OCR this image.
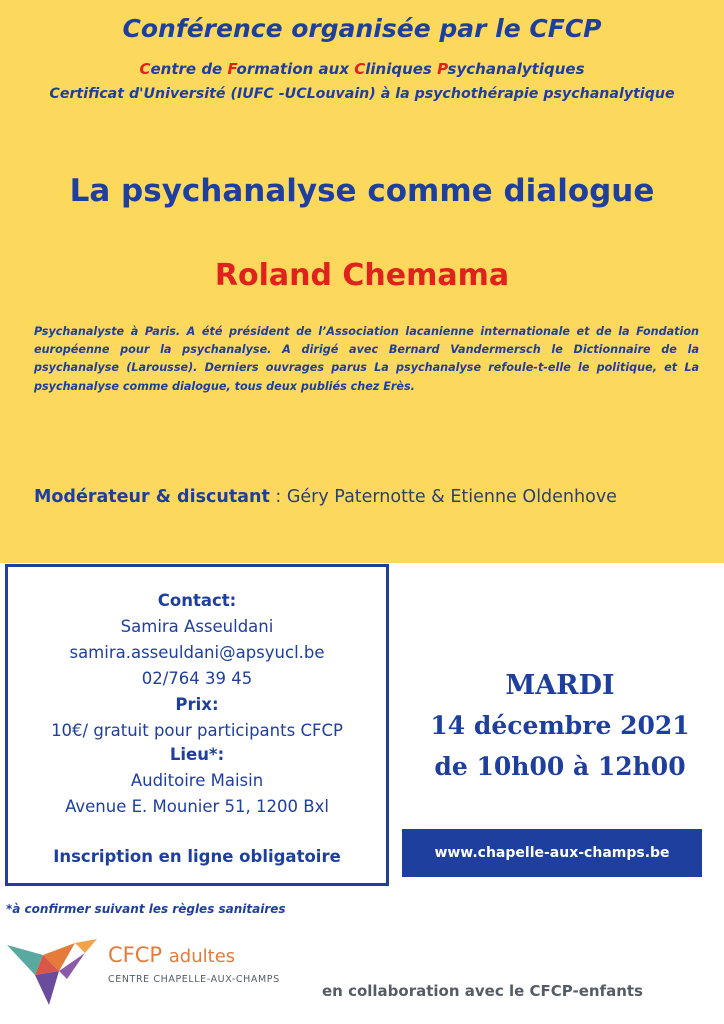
Conférence organisée par le CFCP
Centre de Formation aux Cliniques Psychanalytiques
Certificat d'Université (IUFC -UCLouvain) à la psychothérapie psychanalytique
La psychanalyse comme dialogue
Roland Chemama
Psychanalyste à Paris. A été président de l’Association lacanienne internationale et de la Fondation européenne pour la psychanalyse. A dirigé avec Bernard Vandermersch le Dictionnaire de la psychanalyse (Larousse). Derniers ouvrages parus La psychanalyse refoule-t-elle le politique, et La psychanalyse comme dialogue, tous deux publiés chez Erès.
Modérateur & discutant : Géry Paternotte & Etienne Oldenhove
Contact:
Samira Asseuldani
samira.asseuldani@apsyucl.be
02/764 39 45
Prix:
10€/ gratuit pour participants CFCP
Lieu*:
Auditoire Maisin
Avenue E. Mounier 51, 1200 Bxl
Inscription en ligne obligatoire
MARDI
14 décembre 2021
de 10h00 à 12h00
www.chapelle-aux-champs.be
*à confirmer suivant les règles sanitaires
CFCP adultes
CENTRE CHAPELLE-AUX-CHAMPS
en collaboration avec le CFCP-enfants
